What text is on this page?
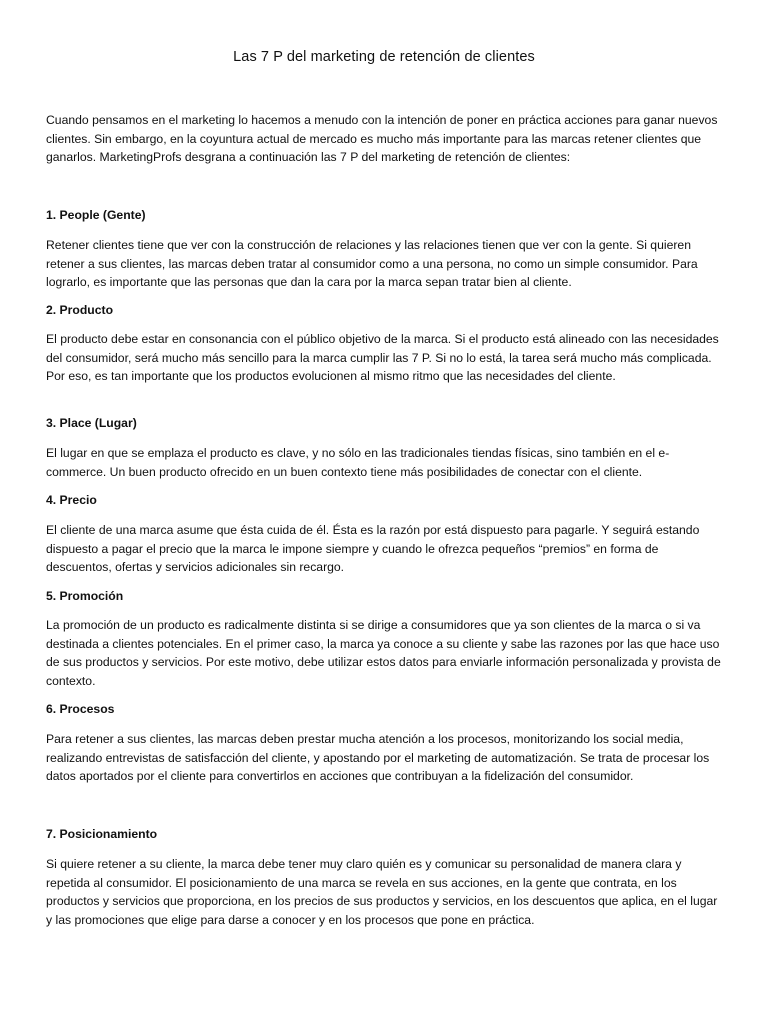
Las 7 P del marketing de retención de clientes

Cuando pensamos en el marketing lo hacemos a menudo con la intención de poner en práctica acciones para ganar nuevos clientes. Sin embargo, en la coyuntura actual de mercado es mucho más importante para las marcas retener clientes que ganarlos. MarketingProfs desgrana a continuación las 7 P del marketing de retención de clientes:

1. People (Gente)

Retener clientes tiene que ver con la construcción de relaciones y las relaciones tienen que ver con la gente. Si quieren retener a sus clientes, las marcas deben tratar al consumidor como a una persona, no como un simple consumidor. Para lograrlo, es importante que las personas que dan la cara por la marca sepan tratar bien al cliente.

2. Producto

El producto debe estar en consonancia con el público objetivo de la marca. Si el producto está alineado con las necesidades del consumidor, será mucho más sencillo para la marca cumplir las 7 P. Si no lo está, la tarea será mucho más complicada. Por eso, es tan importante que los productos evolucionen al mismo ritmo que las necesidades del cliente.

3. Place (Lugar)

El lugar en que se emplaza el producto es clave, y no sólo en las tradicionales tiendas físicas, sino también en el e-commerce. Un buen producto ofrecido en un buen contexto tiene más posibilidades de conectar con el cliente.

4. Precio

El cliente de una marca asume que ésta cuida de él. Ésta es la razón por está dispuesto para pagarle. Y seguirá estando dispuesto a pagar el precio que la marca le impone siempre y cuando le ofrezca pequeños “premios” en forma de descuentos, ofertas y servicios adicionales sin recargo.

5. Promoción

La promoción de un producto es radicalmente distinta si se dirige a consumidores que ya son clientes de la marca o si va destinada a clientes potenciales. En el primer caso, la marca ya conoce a su cliente y sabe las razones por las que hace uso de sus productos y servicios. Por este motivo, debe utilizar estos datos para enviarle información personalizada y provista de contexto.

6. Procesos

Para retener a sus clientes, las marcas deben prestar mucha atención a los procesos, monitorizando los social media, realizando entrevistas de satisfacción del cliente, y apostando por el marketing de automatización. Se trata de procesar los datos aportados por el cliente para convertirlos en acciones que contribuyan a la fidelización del consumidor.

7. Posicionamiento

Si quiere retener a su cliente, la marca debe tener muy claro quién es y comunicar su personalidad de manera clara y repetida al consumidor. El posicionamiento de una marca se revela en sus acciones, en la gente que contrata, en los productos y servicios que proporciona, en los precios de sus productos y servicios, en los descuentos que aplica, en el lugar y las promociones que elige para darse a conocer y en los procesos que pone en práctica.
